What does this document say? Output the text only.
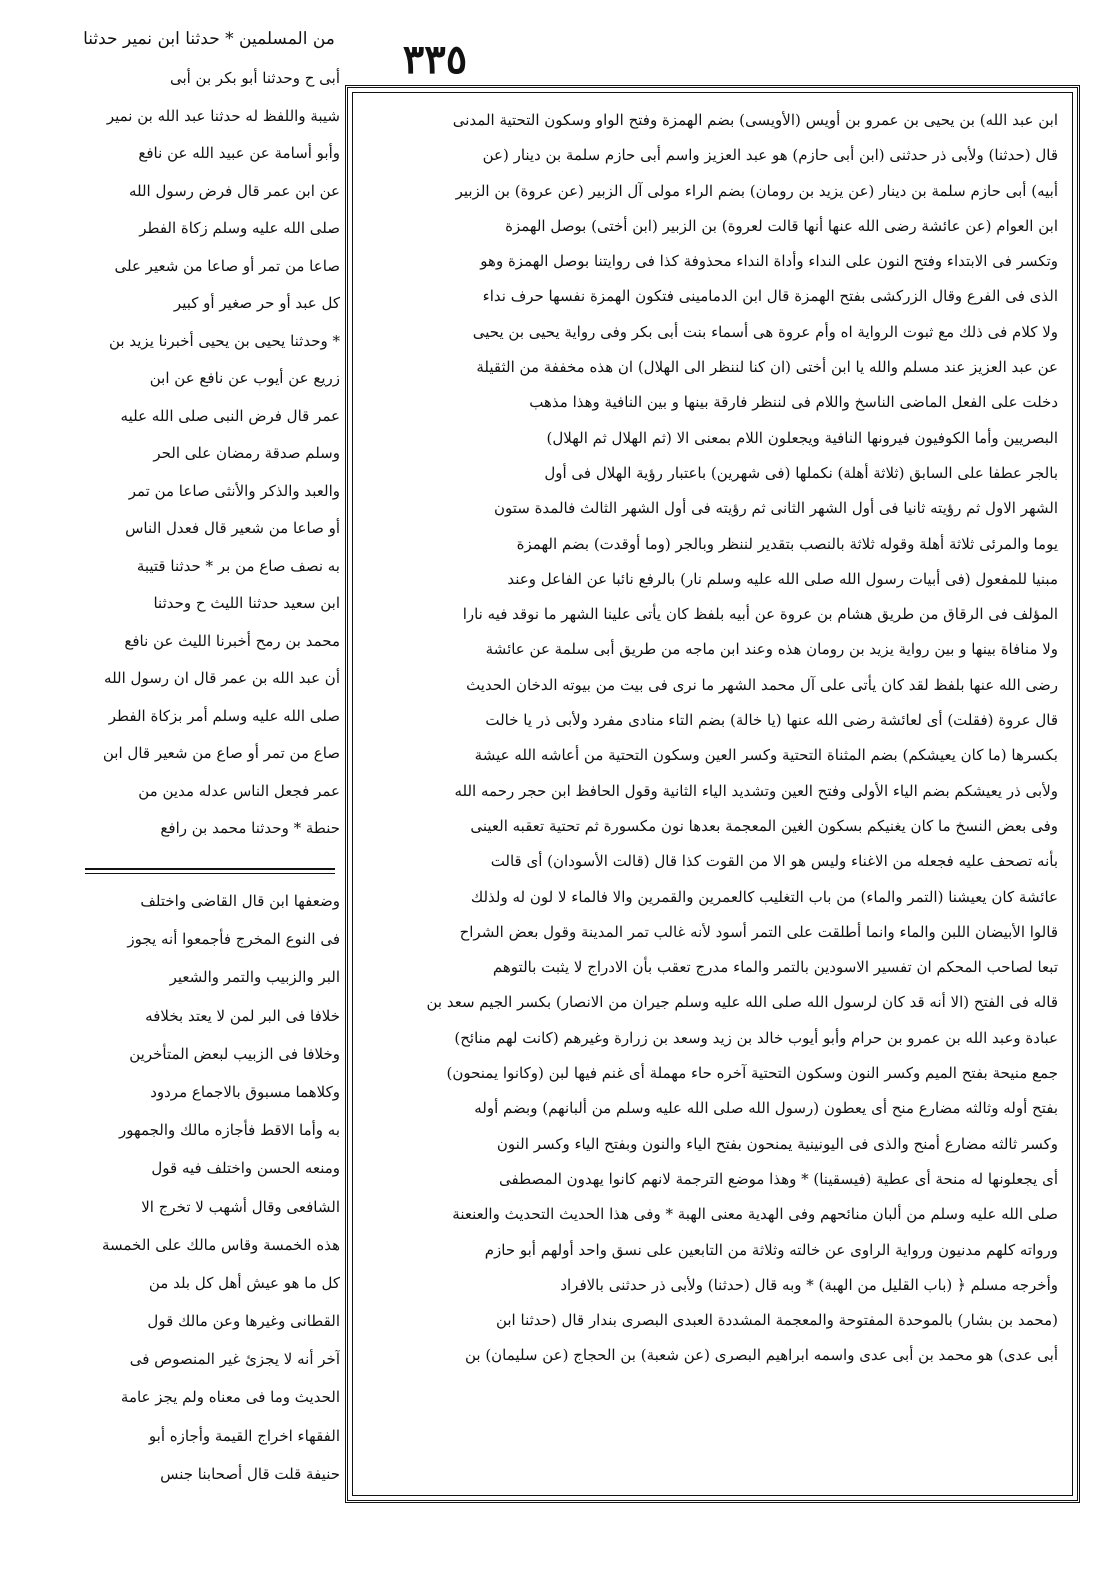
٣٣٥
من المسلمين * حدثنا ابن نمير حدثنا
أبى ح وحدثنا أبو بكر بن أبى
شيبة واللفظ له حدثنا عبد الله بن نمير
وأبو أسامة عن عبيد الله عن نافع
عن ابن عمر قال فرض رسول الله
صلى الله عليه وسلم زكاة الفطر
صاعا من تمر أو صاعا من شعير على
كل عبد أو حر صغير أو كبير
* وحدثنا يحيى بن يحيى أخبرنا يزيد بن
زريع عن أيوب عن نافع عن ابن
عمر قال فرض النبى صلى الله عليه
وسلم صدقة رمضان على الحر
والعبد والذكر والأنثى صاعا من تمر
أو صاعا من شعير قال فعدل الناس
به نصف صاع من بر * حدثنا قتيبة
ابن سعيد حدثنا الليث ح وحدثنا
محمد بن رمح أخبرنا الليث عن نافع
أن عبد الله بن عمر قال ان رسول الله
صلى الله عليه وسلم أمر بزكاة الفطر
صاع من تمر أو صاع من شعير قال ابن
عمر فجعل الناس عدله مدين من
حنطة * وحدثنا محمد بن رافع
وضعفها ابن قال القاضى واختلف
فى النوع المخرج فأجمعوا أنه يجوز
البر والزبيب والتمر والشعير
خلافا فى البر لمن لا يعتد بخلافه
وخلافا فى الزبيب لبعض المتأخرين
وكلاهما مسبوق بالاجماع مردود
به وأما الاقط فأجازه مالك والجمهور
ومنعه الحسن واختلف فيه قول
الشافعى وقال أشهب لا تخرج الا
هذه الخمسة وقاس مالك على الخمسة
كل ما هو عيش أهل كل بلد من
القطانى وغيرها وعن مالك قول
آخر أنه لا يجزئ غير المنصوص فى
الحديث وما فى معناه ولم يجز عامة
الفقهاء اخراج القيمة وأجازه أبو
حنيفة قلت قال أصحابنا جنس
ابن عبد الله) بن يحيى بن عمرو بن أويس (الأويسى) بضم الهمزة وفتح الواو وسكون التحتية المدنى
قال (حدثنا) ولأبى ذر حدثنى (ابن أبى حازم) هو عبد العزيز واسم أبى حازم سلمة بن دينار (عن
أبيه) أبى حازم سلمة بن دينار (عن يزيد بن رومان) بضم الراء مولى آل الزبير (عن عروة) بن الزبير
ابن العوام (عن عائشة رضى الله عنها أنها قالت لعروة) بن الزبير (ابن أختى) بوصل الهمزة
وتكسر فى الابتداء وفتح النون على النداء وأداة النداء محذوفة كذا فى روايتنا بوصل الهمزة وهو
الذى فى الفرع وقال الزركشى بفتح الهمزة قال ابن الدمامينى فتكون الهمزة نفسها حرف نداء
ولا كلام فى ذلك مع ثبوت الرواية اه وأم عروة هى أسماء بنت أبى بكر وفى رواية يحيى بن يحيى
عن عبد العزيز عند مسلم والله يا ابن أختى (ان كنا لننظر الى الهلال) ان هذه مخففة من الثقيلة
دخلت على الفعل الماضى الناسخ واللام فى لننظر فارقة بينها و بين النافية وهذا مذهب
البصريين وأما الكوفيون فيرونها النافية ويجعلون اللام بمعنى الا (ثم الهلال ثم الهلال)
بالجر عطفا على السابق (ثلاثة أهلة) نكملها (فى شهرين) باعتبار رؤية الهلال فى أول
الشهر الاول ثم رؤيته ثانيا فى أول الشهر الثانى ثم رؤيته فى أول الشهر الثالث فالمدة ستون
يوما والمرئى ثلاثة أهلة وقوله ثلاثة بالنصب بتقدير لننظر وبالجر (وما أوقدت) بضم الهمزة
مبنيا للمفعول (فى أبيات رسول الله صلى الله عليه وسلم نار) بالرفع نائبا عن الفاعل وعند
المؤلف فى الرقاق من طريق هشام بن عروة عن أبيه بلفظ كان يأتى علينا الشهر ما نوقد فيه نارا
ولا منافاة بينها و بين رواية يزيد بن رومان هذه وعند ابن ماجه من طريق أبى سلمة عن عائشة
رضى الله عنها بلفظ لقد كان يأتى على آل محمد الشهر ما نرى فى بيت من بيوته الدخان الحديث
قال عروة (فقلت) أى لعائشة رضى الله عنها (يا خالة) بضم التاء منادى مفرد ولأبى ذر يا خالت
بكسرها (ما كان يعيشكم) بضم المثناة التحتية وكسر العين وسكون التحتية من أعاشه الله عيشة
ولأبى ذر يعيشكم بضم الياء الأولى وفتح العين وتشديد الياء الثانية وقول الحافظ ابن حجر رحمه الله
وفى بعض النسخ ما كان يغنيكم بسكون الغين المعجمة بعدها نون مكسورة ثم تحتية تعقبه العينى
بأنه تصحف عليه فجعله من الاغناء وليس هو الا من القوت كذا قال (قالت الأسودان) أى قالت
عائشة كان يعيشنا (التمر والماء) من باب التغليب كالعمرين والقمرين والا فالماء لا لون له ولذلك
قالوا الأبيضان اللبن والماء وانما أطلقت على التمر أسود لأنه غالب تمر المدينة وقول بعض الشراح
تبعا لصاحب المحكم ان تفسير الاسودين بالتمر والماء مدرج تعقب بأن الادراج لا يثبت بالتوهم
قاله فى الفتح (الا أنه قد كان لرسول الله صلى الله عليه وسلم جيران من الانصار) بكسر الجيم سعد بن
عبادة وعبد الله بن عمرو بن حرام وأبو أيوب خالد بن زيد وسعد بن زرارة وغيرهم (كانت لهم منائح)
جمع منيحة بفتح الميم وكسر النون وسكون التحتية آخره حاء مهملة أى غنم فيها لبن (وكانوا يمنحون)
بفتح أوله وثالثه مضارع منح أى يعطون (رسول الله صلى الله عليه وسلم من ألبانهم) وبضم أوله
وكسر ثالثه مضارع أمنح والذى فى اليونينية يمنحون بفتح الياء والنون وبفتح الياء وكسر النون
أى يجعلونها له منحة أى عطية (فيسقينا) * وهذا موضع الترجمة لانهم كانوا يهدون المصطفى
صلى الله عليه وسلم من ألبان منائحهم وفى الهدية معنى الهبة * وفى هذا الحديث التحديث والعنعنة
ورواته كلهم مدنيون ورواية الراوى عن خالته وثلاثة من التابعين على نسق واحد أولهم أبو حازم
وأخرجه مسلم ﴿ (باب القليل من الهبة) * وبه قال (حدثنا) ولأبى ذر حدثنى بالافراد
(محمد بن بشار) بالموحدة المفتوحة والمعجمة المشددة العبدى البصرى بندار قال (حدثنا ابن
أبى عدى) هو محمد بن أبى عدى واسمه ابراهيم البصرى (عن شعبة) بن الحجاج (عن سليمان) بن
